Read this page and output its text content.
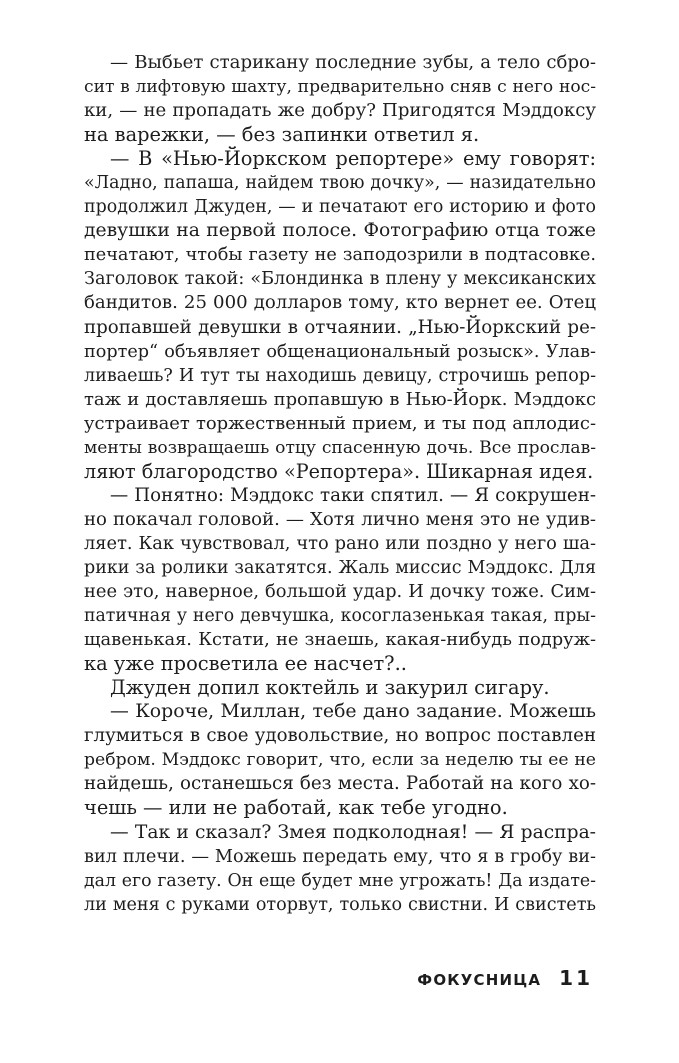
— Выбьет старикану последние зубы, а тело сбро-
сит в лифтовую шахту, предварительно сняв с него нос-
ки, — не пропадать же добру? Пригодятся Мэддоксу
на варежки, — без запинки ответил я.
— В «Нью-Йоркском репортере» ему говорят:
«Ладно, папаша, найдем твою дочку», — назидательно
продолжил Джуден, — и печатают его историю и фото
девушки на первой полосе. Фотографию отца тоже
печатают, чтобы газету не заподозрили в подтасовке.
Заголовок такой: «Блондинка в плену у мексиканских
бандитов. 25 000 долларов тому, кто вернет ее. Отец
пропавшей девушки в отчаянии. „Нью-Йоркский ре-
портер“ объявляет общенациональный розыск». Улав-
ливаешь? И тут ты находишь девицу, строчишь репор-
таж и доставляешь пропавшую в Нью-Йорк. Мэддокс
устраивает торжественный прием, и ты под аплодис-
менты возвращаешь отцу спасенную дочь. Все прослав-
ляют благородство «Репортера». Шикарная идея.
— Понятно: Мэддокс таки спятил. — Я сокрушен-
но покачал головой. — Хотя лично меня это не удив-
ляет. Как чувствовал, что рано или поздно у него ша-
рики за ролики закатятся. Жаль миссис Мэддокс. Для
нее это, наверное, большой удар. И дочку тоже. Сим-
патичная у него девчушка, косоглазенькая такая, пры-
щавенькая. Кстати, не знаешь, какая-нибудь подруж-
ка уже просветила ее насчет?..
Джуден допил коктейль и закурил сигару.
— Короче, Миллан, тебе дано задание. Можешь
глумиться в свое удовольствие, но вопрос поставлен
ребром. Мэддокс говорит, что, если за неделю ты ее не
найдешь, останешься без места. Работай на кого хо-
чешь — или не работай, как тебе угодно.
— Так и сказал? Змея подколодная! — Я распра-
вил плечи. — Можешь передать ему, что я в гробу ви-
дал его газету. Он еще будет мне угрожать! Да издате-
ли меня с руками оторвут, только свистни. И свистеть
ФОКУСНИЦА 11
